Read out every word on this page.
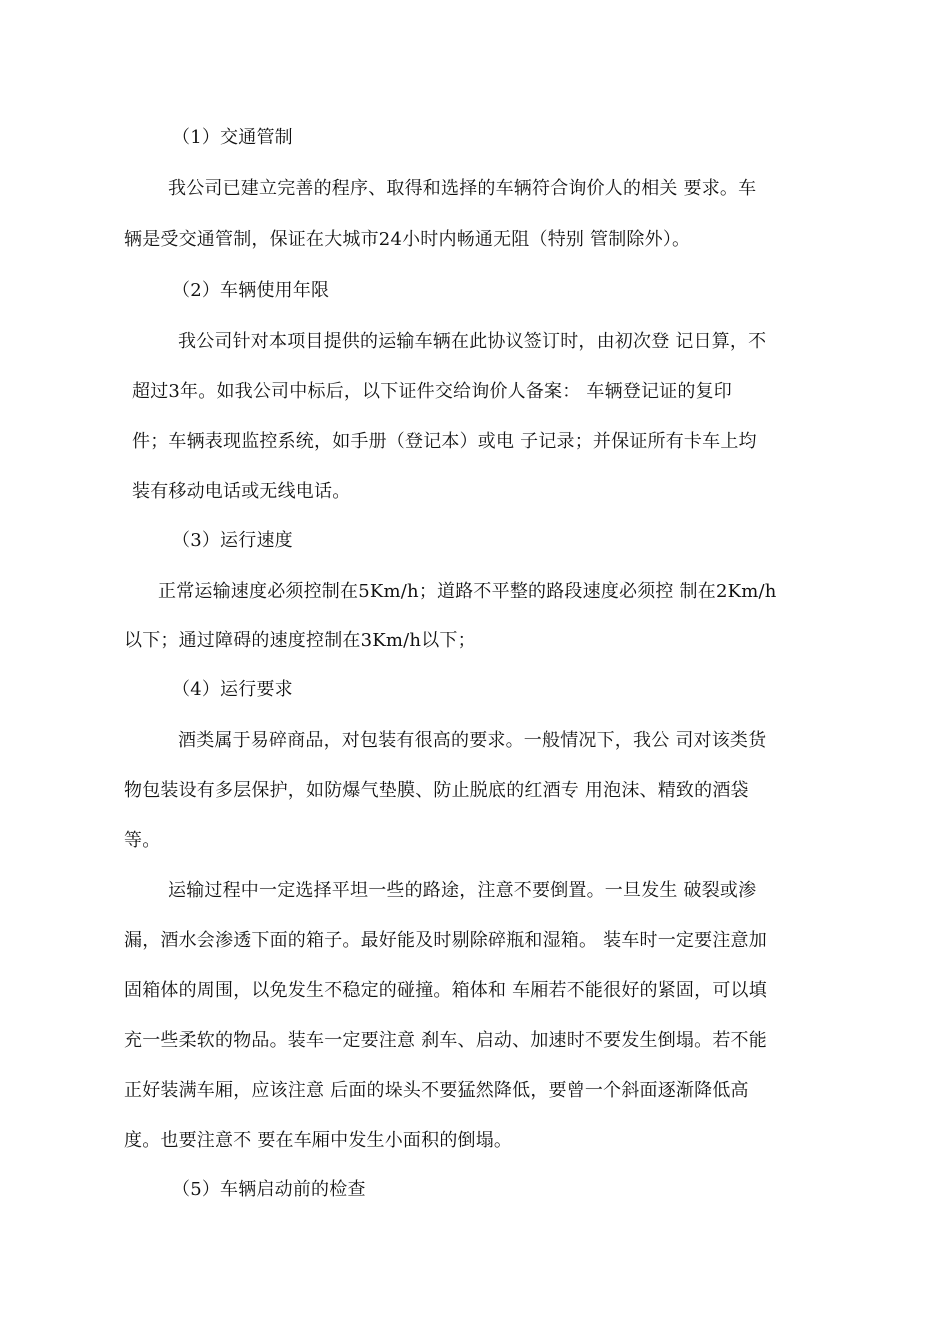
（1）交通管制
我公司已建立完善的程序、取得和选择的车辆符合询价人的相关 要求。车
辆是受交通管制，保证在大城市24小时内畅通无阻（特别 管制除外）。
（2）车辆使用年限
我公司针对本项目提供的运输车辆在此协议签订时，由初次登 记日算，不
超过3年。如我公司中标后，以下证件交给询价人备案： 车辆登记证的复印
件；车辆表现监控系统，如手册（登记本）或电 子记录；并保证所有卡车上均
装有移动电话或无线电话。
（3）运行速度
正常运输速度必须控制在5Km/h；道路不平整的路段速度必须控 制在2Km/h
以下；通过障碍的速度控制在3Km/h以下；
（4）运行要求
酒类属于易碎商品，对包装有很高的要求。一般情况下，我公 司对该类货
物包装设有多层保护，如防爆气垫膜、防止脱底的红酒专 用泡沫、精致的酒袋
等。
运输过程中一定选择平坦一些的路途，注意不要倒置。一旦发生 破裂或渗
漏，酒水会渗透下面的箱子。最好能及时剔除碎瓶和湿箱。 装车时一定要注意加
固箱体的周围，以免发生不稳定的碰撞。箱体和 车厢若不能很好的紧固，可以填
充一些柔软的物品。装车一定要注意 刹车、启动、加速时不要发生倒塌。若不能
正好装满车厢，应该注意 后面的垛头不要猛然降低，要曾一个斜面逐渐降低高
度。也要注意不 要在车厢中发生小面积的倒塌。
（5）车辆启动前的检查
